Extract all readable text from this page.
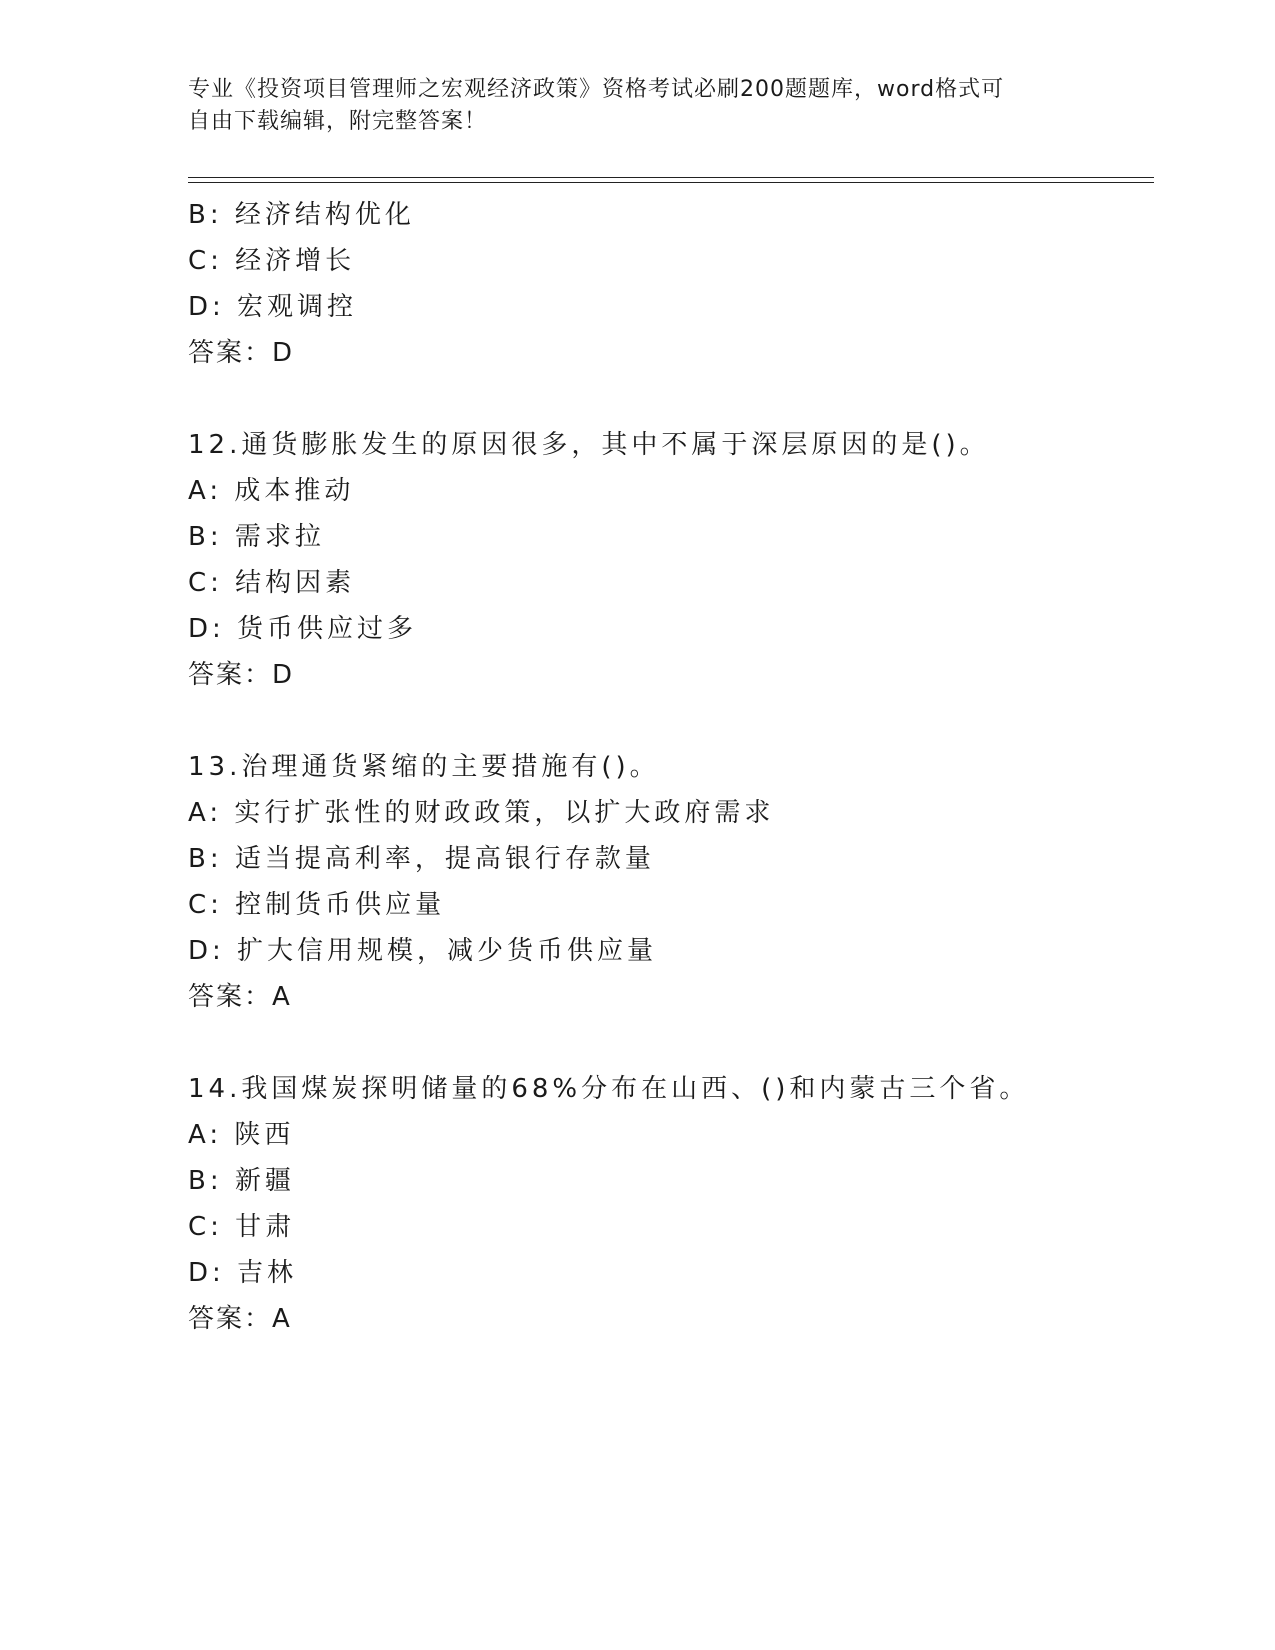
专业《投资项目管理师之宏观经济政策》资格考试必刷200题题库，word格式可
自由下载编辑，附完整答案！
B: 经济结构优化
C: 经济增长
D: 宏观调控
答案：D
12.通货膨胀发生的原因很多，其中不属于深层原因的是()。
A: 成本推动
B: 需求拉
C: 结构因素
D: 货币供应过多
答案：D
13.治理通货紧缩的主要措施有()。
A: 实行扩张性的财政政策，以扩大政府需求
B: 适当提高利率，提高银行存款量
C: 控制货币供应量
D: 扩大信用规模，减少货币供应量
答案：A
14.我国煤炭探明储量的68%分布在山西、()和内蒙古三个省。
A: 陕西
B: 新疆
C: 甘肃
D: 吉林
答案：A
